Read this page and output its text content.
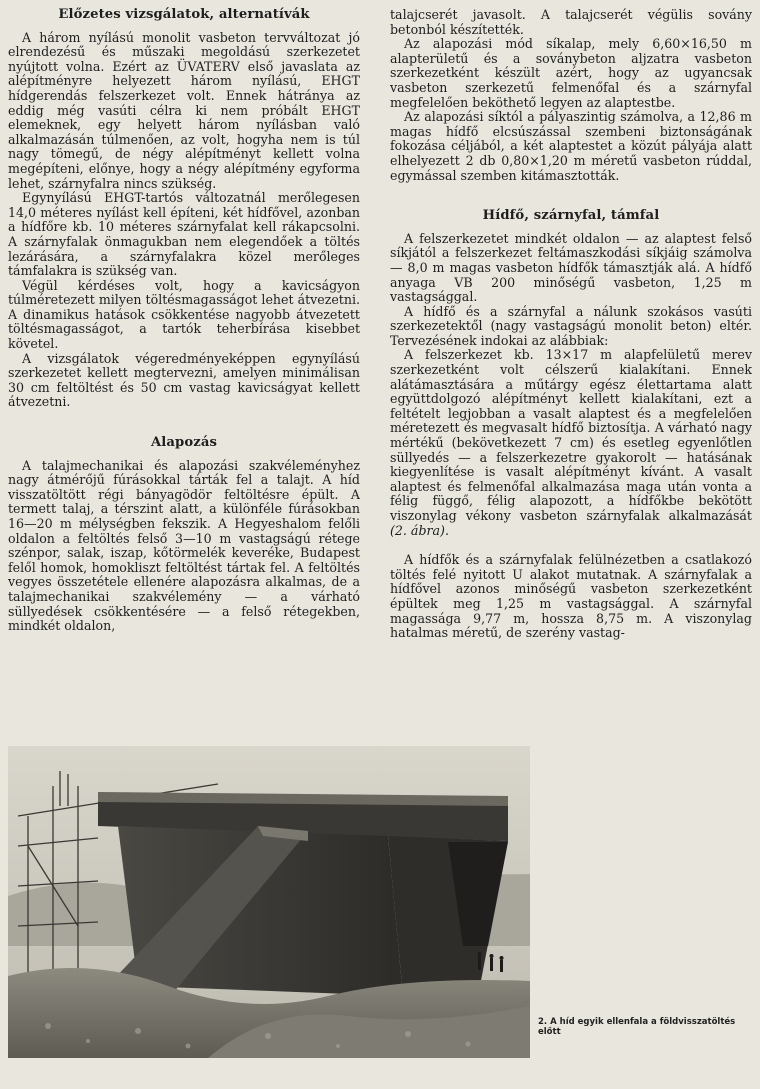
Előzetes vizsgálatok, alternatívák

A három nyílású monolit vasbeton tervváltozat jó elrendezésű és műszaki megoldású szerkezetet nyújtott volna. Ezért az ÜVATERV első javaslata az alépítményre helyezett három nyílású, EHGT hídgerendás felszerkezet volt. Ennek hátránya az eddig még vasúti célra ki nem próbált EHGT elemeknek, egy helyett három nyílásban való alkalmazásán túlmenően, az volt, hogyha nem is túl nagy tömegű, de négy alépítményt kellett volna megépíteni, előnye, hogy a négy alépítmény egyforma lehet, szárnyfalra nincs szükség.

Egynyílású EHGT-tartós változatnál merőlegesen 14,0 méteres nyílást kell építeni, két hídfővel, azonban a hídfőre kb. 10 méteres szárnyfalat kell rákapcsolni. A szárnyfalak önmagukban nem elegendőek a töltés lezárására, a szárnyfalakra közel merőleges támfalakra is szükség van.

Végül kérdéses volt, hogy a kavicságyon túlméretezett milyen töltésmagasságot lehet átvezetni. A dinamikus hatások csökkentése nagyobb átvezetett töltésmagasságot, a tartók teherbírása kisebbet követel.

A vizsgálatok végeredményeképpen egynyílású szerkezetet kellett megtervezni, amelyen minimálisan 30 cm feltöltést és 50 cm vastag kavicságyat kellett átvezetni.

Alapozás

A talajmechanikai és alapozási szakvéleményhez nagy átmérőjű fúrásokkal tárták fel a talajt. A híd visszatöltött régi bányagödör feltöltésre épült. A termett talaj, a térszint alatt, a különféle fúrásokban 16—20 m mélységben fekszik. A Hegyeshalom felőli oldalon a feltöltés felső 3—10 m vastagságú rétege szénpor, salak, iszap, kőtörmelék keveréke, Budapest felől homok, homokliszt feltöltést tártak fel. A feltöltés vegyes összetétele ellenére alapozásra alkalmas, de a talajmechanikai szakvélemény — a várható süllyedések csökkentésére — a felső rétegekben, mindkét oldalon,

talajcserét javasolt. A talajcserét végülis sovány betonból készítették.

Az alapozási mód síkalap, mely 6,60×16,50 m alapterületű és a soványbeton aljzatra vasbeton szerkezetként készült azért, hogy az ugyancsak vasbeton szerkezetű felmenőfal és a szárnyfal megfelelően beköthető legyen az alaptestbe.

Az alapozási síktól a pályaszintig számolva, a 12,86 m magas hídfő elcsúszással szembeni biztonságának fokozása céljából, a két alaptestet a közút pályája alatt elhelyezett 2 db 0,80×1,20 m méretű vasbeton rúddal, egymással szemben kitámasztották.

Hídfő, szárnyfal, támfal

A felszerkezetet mindkét oldalon — az alaptest felső síkjától a felszerkezet feltámaszkodási síkjáig számolva — 8,0 m magas vasbeton hídfők támasztják alá. A hídfő anyaga VB 200 minőségű vasbeton, 1,25 m vastagsággal.

A hídfő és a szárnyfal a nálunk szokásos vasúti szerkezetektől (nagy vastagságú monolit beton) eltér. Tervezésének indokai az alábbiak:

A felszerkezet kb. 13×17 m alapfelületű merev szerkezetként volt célszerű kialakítani. Ennek alátámasztására a műtárgy egész élettartama alatt együttdolgozó alépítményt kellett kialakítani, ezt a feltételt legjobban a vasalt alaptest és a megfelelően méretezett és megvasalt hídfő biztosítja. A várható nagy mértékű (bekövetkezett 7 cm) és esetleg egyenlőtlen süllyedés — a felszerkezetre gyakorolt — hatásának kiegyenlítése is vasalt alépítményt kívánt. A vasalt alaptest és felmenőfal alkalmazása maga után vonta a félig függő, félig alapozott, a hídfőkbe bekötött viszonylag vékony vasbeton szárnyfalak alkalmazását (2. ábra).

A hídfők és a szárnyfalak felülnézetben a csatlakozó töltés felé nyitott U alakot mutatnak. A szárnyfalak a hídfővel azonos minőségű vasbeton szerkezetként épültek meg 1,25 m vastagsággal. A szárnyfal magassága 9,77 m, hossza 8,75 m. A viszonylag hatalmas méretű, de szerény vastag-

2. A híd egyik ellenfala a földvisszatöltés előtt
